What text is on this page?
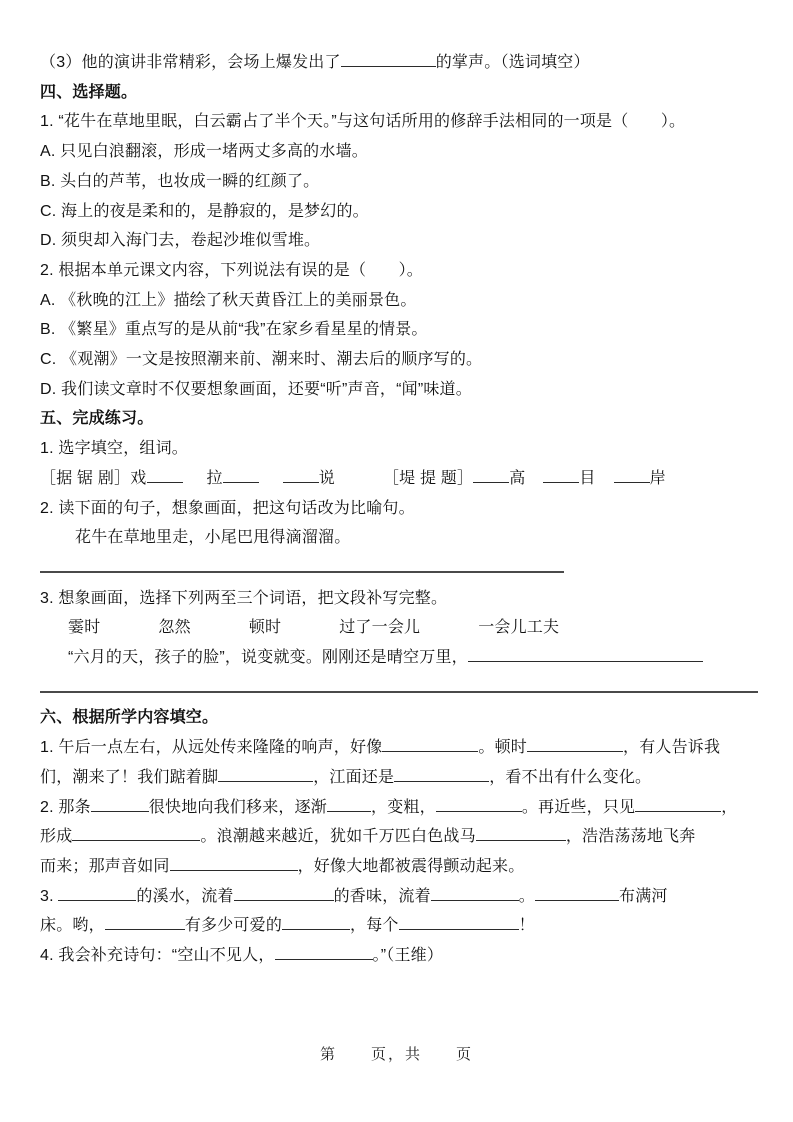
（3）他的演讲非常精彩，会场上爆发出了	的掌声。（选词填空）
四、选择题。
1. “花牛在草地里眠，白云霸占了半个天。”与这句话所用的修辞手法相同的一项是（　　）。
A. 只见白浪翻滚，形成一堵两丈多高的水墙。
B. 头白的芦苇，也妆成一瞬的红颜了。
C. 海上的夜是柔和的，是静寂的，是梦幻的。
D. 须臾却入海门去，卷起沙堆似雪堆。
2. 根据本单元课文内容，下列说法有误的是（　　）。
A. 《秋晚的江上》描绘了秋天黄昏江上的美丽景色。
B. 《繁星》重点写的是从前“我”在家乡看星星的情景。
C. 《观潮》一文是按照潮来前、潮来时、潮去后的顺序写的。
D. 我们读文章时不仅要想象画面，还要“听”声音，“闻”味道。
五、完成练习。
1. 选字填空，组词。
［据 锯 剧］戏	拉	说	［堤 提 题］ 高	目	岸
2. 读下面的句子，想象画面，把这句话改为比喻句。
花牛在草地里走，小尾巴甩得滴溜溜。
3. 想象画面，选择下列两至三个词语，把文段补写完整。
霎时	忽然	顿时	过了一会儿	一会儿工夫
“六月的天，孩子的脸”，说变就变。刚刚还是晴空万里，
六、根据所学内容填空。
1. 午后一点左右，从远处传来隆隆的响声，好像	。顿时	，有人告诉我
们，潮来了！我们踮着脚	，江面还是	，看不出有什么变化。
2. 那条	很快地向我们移来，逐渐	，变粗，	。再近些，只见	，
形成	。浪潮越来越近，犹如千万匹白色战马	，浩浩荡荡地飞奔
而来；那声音如同	，好像大地都被震得颤动起来。
3.	的溪水，流着	的香味，流着	。	布满河
床。哟，	有多少可爱的	，每个	！
4. 我会补充诗句：“空山不见人，	。”（王维）
第　　页，共　　页
